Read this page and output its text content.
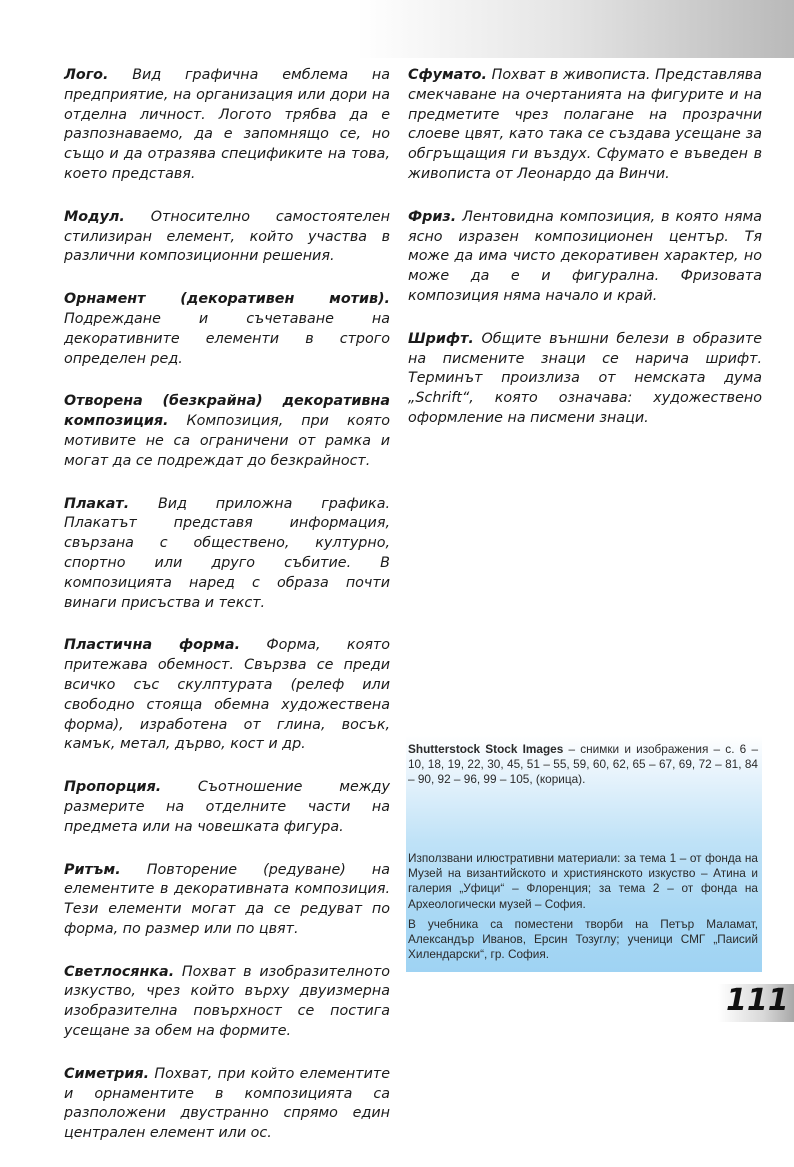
Лого. Вид графична емблема на предприятие, на организация или дори на отделна личност. Логото трябва да е разпознаваемо, да е запомнящо се, но също и да отразява спецификите на това, което представя.

Модул. Относително самостоятелен стилизиран елемент, който участва в различни композиционни решения.

Орнамент (декоративен мотив). Подреждане и съчетаване на декоративните елементи в строго определен ред.

Отворена (безкрайна) декоративна композиция. Композиция, при която мотивите не са ограничени от рамка и могат да се подреждат до безкрайност.

Плакат. Вид приложна графика. Плакатът представя информация, свързана с обществено, културно, спортно или друго събитие. В композицията наред с образа почти винаги присъства и текст.

Пластична форма. Форма, която притежава обемност. Свързва се преди всичко със скулптурата (релеф или свободно стояща обемна художествена форма), изработена от глина, восък, камък, метал, дърво, кост и др.

Пропорция.	Съотношение между размерите на отделните части на предмета или на човешката фигура.

Ритъм. Повторение (редуване) на елементите в декоративната композиция. Тези елементи могат да се редуват по форма, по размер или по цвят.

Светлосянка. Похват в изобразителното изкуство, чрез който върху двуизмерна изобразителна повърхност се постига усещане за обем на формите.

Симетрия. Похват, при който елементите и орнаментите в композицията са разположени двустранно спрямо един централен елемент или ос.

Сфумато. Похват в живописта. Представлява смекчаване на очертанията на фигурите и на предметите чрез полагане на прозрачни слоеве цвят, като така се създава усещане за обгръщащия ги въздух. Сфумато е въведен в живописта от Леонардо да Винчи.

Фриз. Лентовидна композиция, в която няма ясно изразен композиционен център. Тя може да има чисто декоративен характер, но може да е и фигурална. Фризовата композиция няма начало и край.

Шрифт. Общите външни белези в образите на писмените знаци се нарича шрифт. Терминът произлиза от немската дума „Schrift“, която означава: художествено оформление на писмени знаци.

Shutterstock Stock Images – снимки и изображения – с. 6 – 10, 18, 19, 22, 30, 45, 51 – 55, 59, 60, 62, 65 – 67, 69, 72 – 81, 84 – 90, 92 – 96, 99 – 105, (корица).

Използвани илюстративни материали: за тема 1 – от фонда на Музей на византийското и християнското изкуство – Атина и галерия „Уфици“ – Флоренция; за тема 2 – от фонда на Археологически музей – София.

В учебника са поместени творби на Петър Маламат, Александър Иванов, Ерсин Тозуглу; ученици СМГ „Паисий Хилендарски“, гр. София.

111
